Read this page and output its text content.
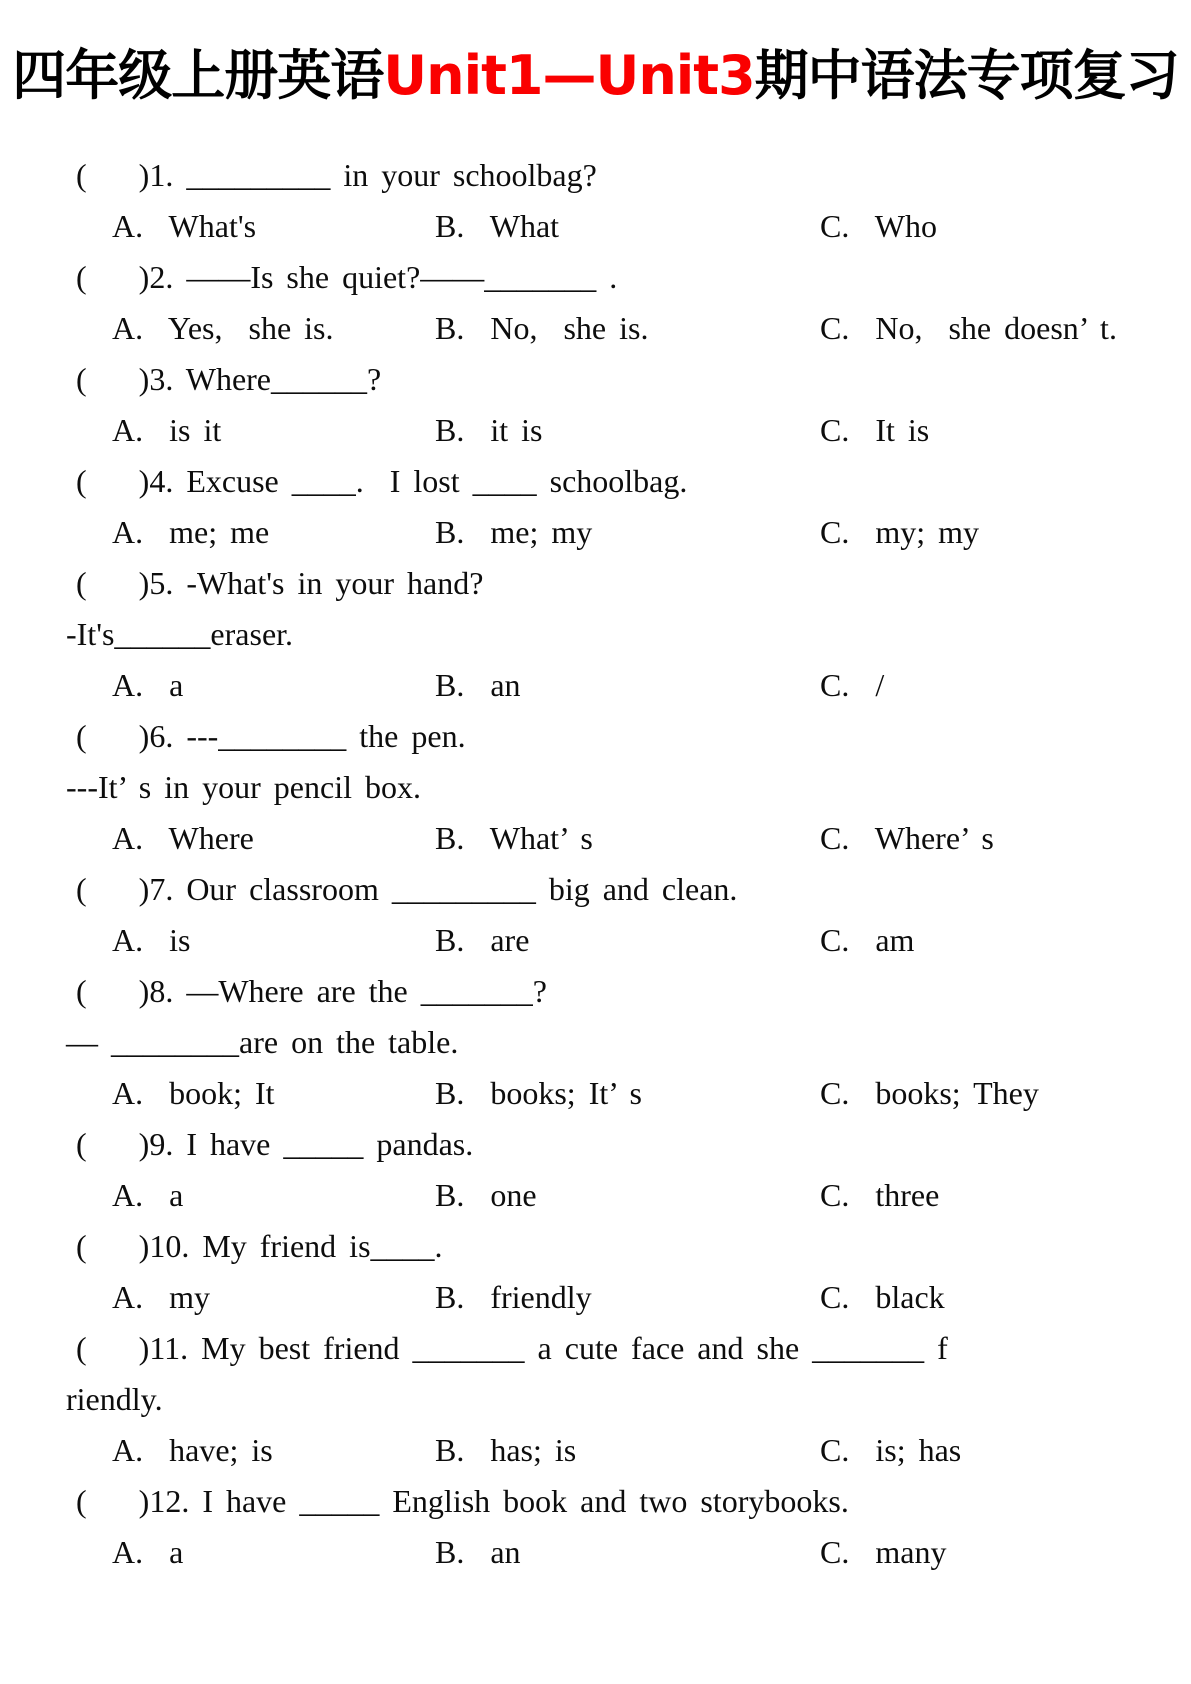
四年级上册英语Unit1—Unit3期中语法专项复习
(    )1. _________ in your schoolbag?
A.  What's	B.  What	C.  Who
(    )2. ——Is she quiet?——_______ .
A.  Yes,  she is.	B.  No,  she is.	C.  No,  she doesn’ t.
(    )3. Where______?
A.  is it	B.  it is	C.  It is
(    )4. Excuse ____.  I lost ____ schoolbag.
A.  me; me	B.  me; my	C.  my; my
(    )5. -What's in your hand?
-It's______eraser.
A.  a	B.  an	C.  /
(    )6. ---________ the pen.
---It’ s in your pencil box.
A.  Where	B.  What’ s	C.  Where’ s
(    )7. Our classroom _________ big and clean.
A.  is	B.  are	C.  am
(    )8. —Where are the _______?
— ________are on the table.
A.  book; It	B.  books; It’ s	C.  books; They
(    )9. I have _____ pandas.
A.  a	B.  one	C.  three
(    )10. My friend is____.
A.  my	B.  friendly	C.  black
(    )11. My best friend _______ a cute face and she _______ f
riendly.
A.  have; is	B.  has; is	C.  is; has
(    )12. I have _____ English book and two storybooks.
A.  a	B.  an	C.  many
